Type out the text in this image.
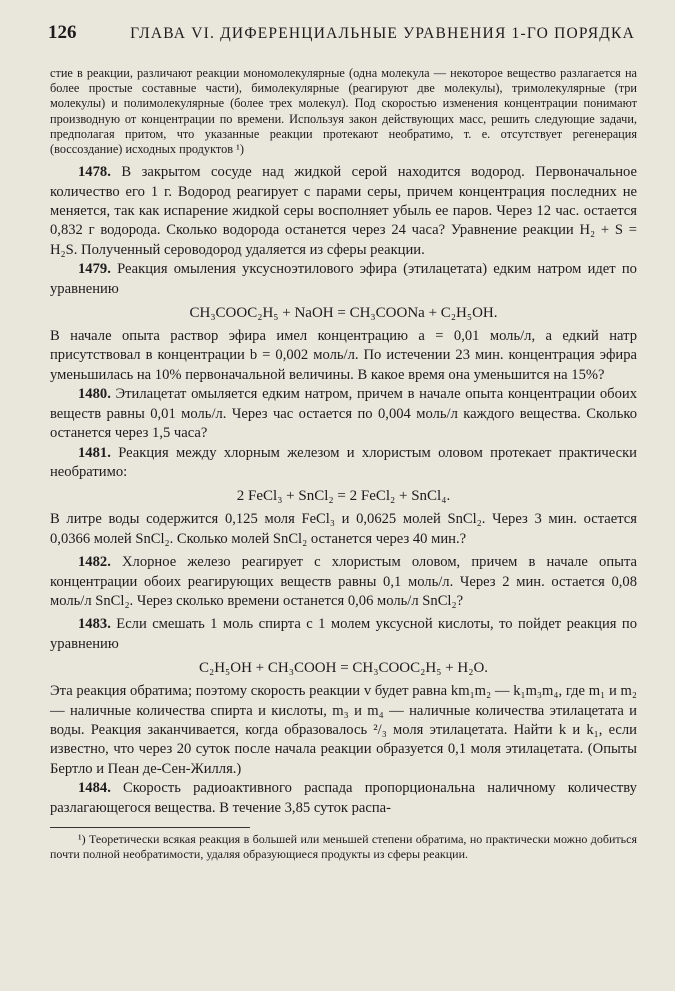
126	ГЛАВА VI. ДИФЕРЕНЦИАЛЬНЫЕ УРАВНЕНИЯ 1-ГО ПОРЯДКА

стие в реакции, различают реакции мономолекулярные (одна молекула — некоторое вещество разлагается на более простые составные части), бимолекулярные (реагируют две молекулы), тримолекулярные (три молекулы) и полимолекулярные (более трех молекул). Под скоростью изменения концентрации понимают производную от концентрации по времени. Используя закон действующих масс, решить следующие задачи, предполагая притом, что указанные реакции протекают необратимо, т. е. отсутствует регенерация (воссоздание) исходных продуктов ¹)

1478. В закрытом сосуде над жидкой серой находится водород. Первоначальное количество его 1 г. Водород реагирует с парами серы, причем концентрация последних не меняется, так как испарение жидкой серы восполняет убыль ее паров. Через 12 час. остается 0,832 г водорода. Сколько водорода останется через 24 часа? Уравнение реакции H₂ + S = H₂S. Полученный сероводород удаляется из сферы реакции.

1479. Реакция омыления уксусноэтилового эфира (этилацетата) едким натром идет по уравнению

CH₃COOC₂H₅ + NaOH = CH₃COONa + C₂H₅OH.

В начале опыта раствор эфира имел концентрацию a = 0,01 моль/л, а едкий натр присутствовал в концентрации b = 0,002 моль/л. По истечении 23 мин. концентрация эфира уменьшилась на 10% первоначальной величины. В какое время она уменьшится на 15%?

1480. Этилацетат омыляется едким натром, причем в начале опыта концентрации обоих веществ равны 0,01 моль/л. Через час остается по 0,004 моль/л каждого вещества. Сколько останется через 1,5 часа?

1481. Реакция между хлорным железом и хлористым оловом протекает практически необратимо:

2 FeCl₃ + SnCl₂ = 2 FeCl₂ + SnCl₄.

В литре воды содержится 0,125 моля FeCl₃ и 0,0625 молей SnCl₂. Через 3 мин. остается 0,0366 молей SnCl₂. Сколько молей SnCl₂ останется через 40 мин.?

1482. Хлорное железо реагирует с хлористым оловом, причем в начале опыта концентрации обоих реагирующих веществ равны 0,1 моль/л. Через 2 мин. остается 0,08 моль/л SnCl₂. Через сколько времени останется 0,06 моль/л SnCl₂?

1483. Если смешать 1 моль спирта с 1 молем уксусной кислоты, то пойдет реакция по уравнению

C₂H₅OH + CH₃COOH = CH₃COOC₂H₅ + H₂O.

Эта реакция обратима; поэтому скорость реакции v будет равна km₁m₂ — k₁m₃m₄, где m₁ и m₂ — наличные количества спирта и кислоты, m₃ и m₄ — наличные количества этилацетата и воды. Реакция заканчивается, когда образовалось ²/₃ моля этилацетата. Найти k и k₁, если известно, что через 20 суток после начала реакции образуется 0,1 моля этилацетата. (Опыты Бертло и Пеан де-Сен-Жилля.)

1484. Скорость радиоактивного распада пропорциональна наличному количеству разлагающегося вещества. В течение 3,85 суток распа-

¹) Теоретически всякая реакция в большей или меньшей степени обратима, но практически можно добиться почти полной необратимости, удаляя образующиеся продукты из сферы реакции.
